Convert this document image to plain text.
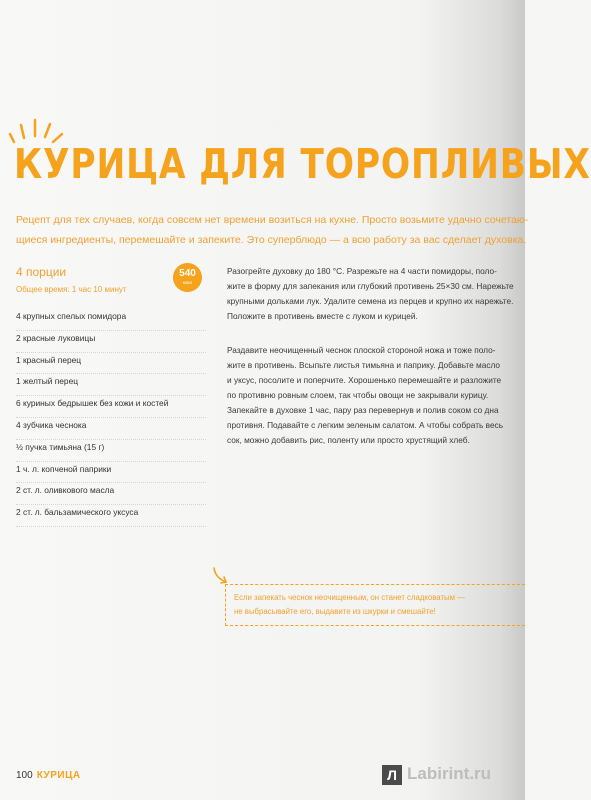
КУРИЦА ДЛЯ ТОРОПЛИВЫХ
Рецепт для тех случаев, когда совсем нет времени возиться на кухне. Просто возьмите удачно сочетаю-
щиеся ингредиенты, перемешайте и запеките. Это суперблюдо — а всю работу за вас сделает духовка.
4 порции
Общее время: 1 час 10 минут
540
ккал
4 крупных спелых помидора
2 красные луковицы
1 красный перец
1 желтый перец
6 куриных бедрышек без кожи и костей
4 зубчика чеснока
½ пучка тимьяна (15 г)
1 ч. л. копченой паприки
2 ст. л. оливкового масла
2 ст. л. бальзамического уксуса

Разогрейте духовку до 180 °С. Разрежьте на 4 части помидоры, поло-
жите в форму для запекания или глубокий противень 25×30 см. Нарежьте
крупными дольками лук. Удалите семена из перцев и крупно их нарежьте.
Положите в противень вместе с луком и курицей.

Раздавите неочищенный чеснок плоской стороной ножа и тоже поло-
жите в противень. Всыпьте листья тимьяна и паприку. Добавьте масло
и уксус, посолите и поперчите. Хорошенько перемешайте и разложите
по противню ровным слоем, так чтобы овощи не закрывали курицу.
Запекайте в духовке 1 час, пару раз перевернув и полив соком со дна
противня. Подавайте с легким зеленым салатом. А чтобы собрать весь
сок, можно добавить рис, поленту или просто хрустящий хлеб.

Если запекать чеснок неочищенным, он станет сладковатым —
не выбрасывайте его, выдавите из шкурки и смешайте!
100 КУРИЦА	Л Labirint.ru
